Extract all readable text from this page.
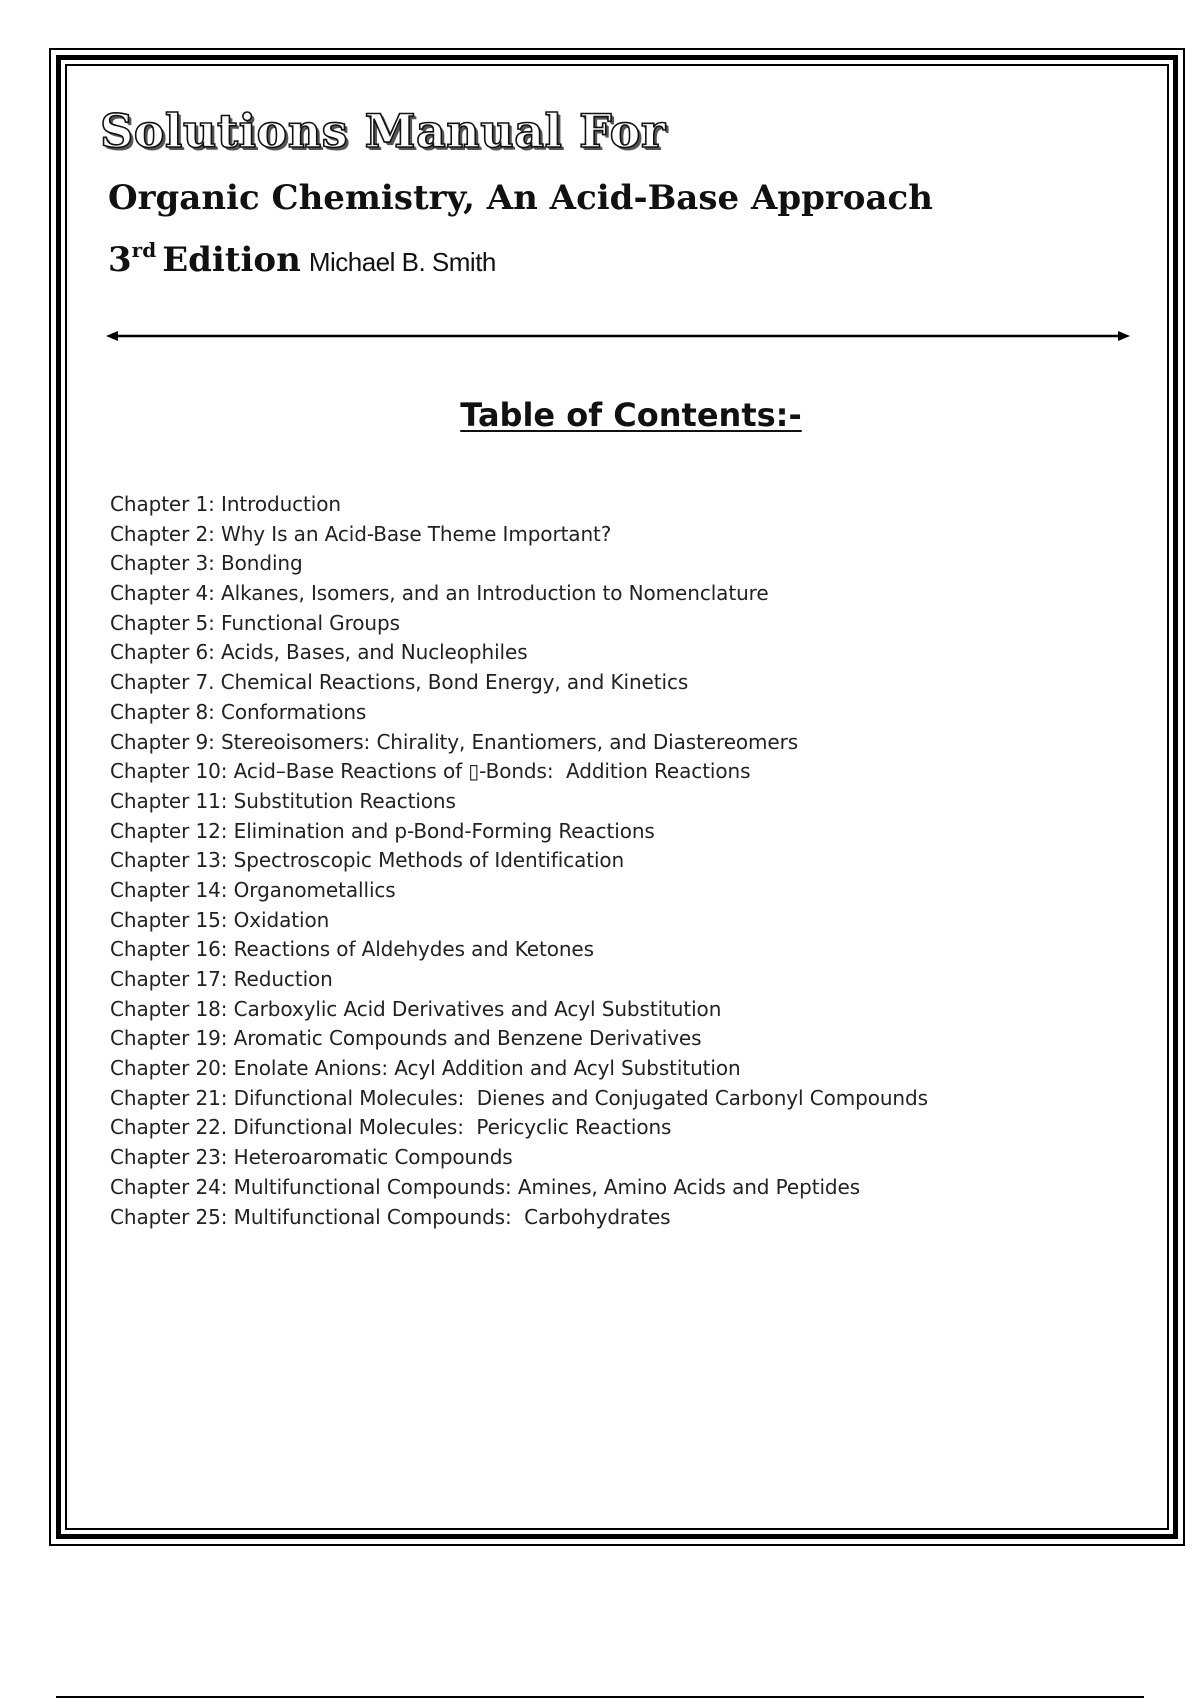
Solutions Manual For
Organic Chemistry, An Acid-Base Approach
3rd Edition Michael B. Smith
Table of Contents:-
Chapter 1: Introduction
Chapter 2: Why Is an Acid-Base Theme Important?
Chapter 3: Bonding
Chapter 4: Alkanes, Isomers, and an Introduction to Nomenclature
Chapter 5: Functional Groups
Chapter 6: Acids, Bases, and Nucleophiles
Chapter 7. Chemical Reactions, Bond Energy, and Kinetics
Chapter 8: Conformations
Chapter 9: Stereoisomers: Chirality, Enantiomers, and Diastereomers
Chapter 10: Acid–Base Reactions of ▯-Bonds:  Addition Reactions
Chapter 11: Substitution Reactions
Chapter 12: Elimination and p-Bond-Forming Reactions
Chapter 13: Spectroscopic Methods of Identification
Chapter 14: Organometallics
Chapter 15: Oxidation
Chapter 16: Reactions of Aldehydes and Ketones
Chapter 17: Reduction
Chapter 18: Carboxylic Acid Derivatives and Acyl Substitution
Chapter 19: Aromatic Compounds and Benzene Derivatives
Chapter 20: Enolate Anions: Acyl Addition and Acyl Substitution
Chapter 21: Difunctional Molecules:  Dienes and Conjugated Carbonyl Compounds
Chapter 22. Difunctional Molecules:  Pericyclic Reactions
Chapter 23: Heteroaromatic Compounds
Chapter 24: Multifunctional Compounds: Amines, Amino Acids and Peptides
Chapter 25: Multifunctional Compounds:  Carbohydrates
